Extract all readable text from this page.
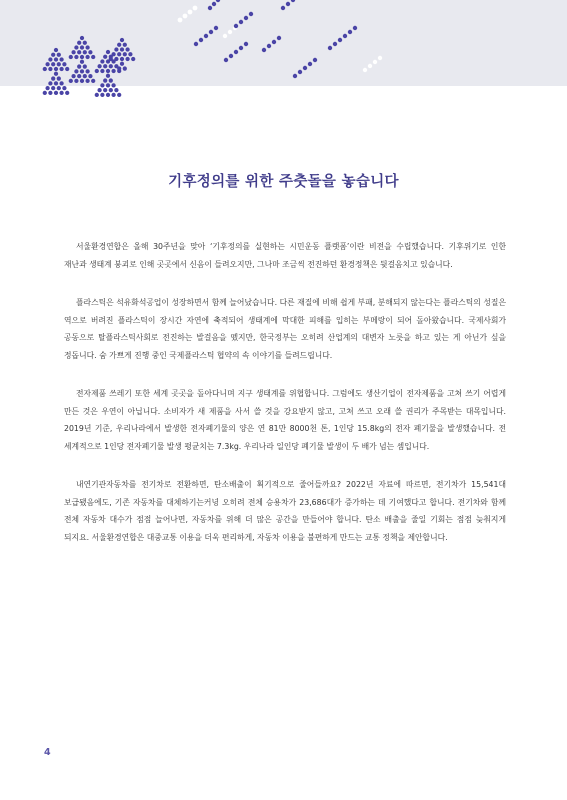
기후정의를 위한 주춧돌을 놓습니다

서울환경연합은 올해 30주년을 맞아 ‘기후정의를 실현하는 시민운동 플랫폼’이란 비전을 수립했습니다. 기후위기로 인한 재난과 생태계 붕괴로 인해 곳곳에서 신음이 들려오지만, 그나마 조금씩 전진하던 환경정책은 뒷걸음치고 있습니다.

플라스틱은 석유화석공업이 성장하면서 함께 늘어났습니다. 다른 재질에 비해 쉽게 부패, 분해되지 않는다는 플라스틱의 성질은 역으로 버려진 플라스틱이 장시간 자연에 축적되어 생태계에 막대한 피해를 입히는 부메랑이 되어 돌아왔습니다. 국제사회가 공동으로 탈플라스틱사회로 전진하는 발걸음을 뗐지만, 한국정부는 오히려 산업계의 대변자 노릇을 하고 있는 게 아닌가 싶을 정돕니다. 숨 가쁘게 진행 중인 국제플라스틱 협약의 속 이야기를 들려드립니다.

전자제품 쓰레기 또한 세계 곳곳을 돌아다니며 지구 생태계를 위협합니다. 그럼에도 생산기업이 전자제품을 고쳐 쓰기 어렵게 만든 것은 우연이 아닙니다. 소비자가 새 제품을 사서 쓸 것을 강요받지 않고, 고쳐 쓰고 오래 쓸 권리가 주목받는 대목입니다. 2019년 기준, 우리나라에서 발생한 전자폐기물의 양은 연 81만 8000천 톤, 1인당 15.8kg의 전자 폐기물을 발생했습니다. 전 세계적으로 1인당 전자폐기물 발생 평균치는 7.3kg. 우리나라 일인당 폐기물 발생이 두 배가 넘는 셈입니다.

내연기관자동차를 전기차로 전환하면, 탄소배출이 획기적으로 줄어들까요? 2022년 자료에 따르면, 전기차가 15,541대 보급됐음에도, 기존 자동차를 대체하기는커녕 오히려 전체 승용차가 23,686대가 증가하는 데 기여했다고 합니다. 전기차와 함께 전체 자동차 대수가 점점 늘어나면, 자동차를 위해 더 많은 공간을 만들어야 합니다. 탄소 배출을 줄일 기회는 점점 늦춰지게 되지요. 서울환경연합은 대중교통 이용을 더욱 편리하게, 자동차 이용을 불편하게 만드는 교통 정책을 제안합니다.

4
